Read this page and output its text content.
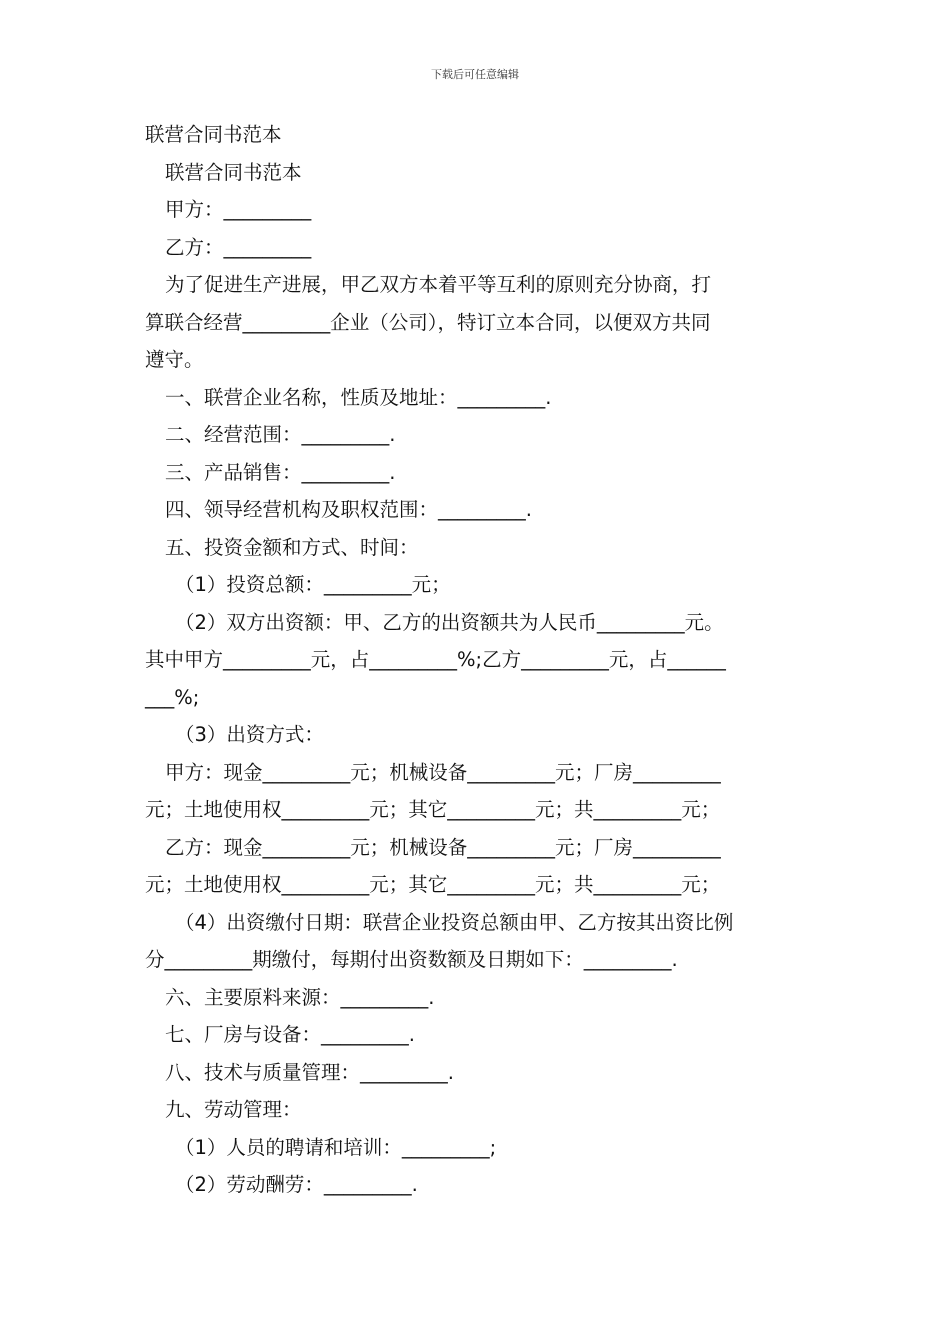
下载后可任意编辑
联营合同书范本
联营合同书范本
甲方：_________
乙方：_________
为了促进生产进展，甲乙双方本着平等互利的原则充分协商，打
算联合经营_________企业（公司），特订立本合同，以便双方共同
遵守。
一、联营企业名称，性质及地址：_________.
二、经营范围：_________.
三、产品销售：_________.
四、领导经营机构及职权范围：_________.
五、投资金额和方式、时间：
（1）投资总额：_________元；
（2）双方出资额：甲、乙方的出资额共为人民币_________元。
其中甲方_________元，占_________%;乙方_________元，占______
___%;
（3）出资方式：
甲方：现金_________元；机械设备_________元；厂房_________
元；土地使用权_________元；其它_________元；共_________元；
乙方：现金_________元；机械设备_________元；厂房_________
元；土地使用权_________元；其它_________元；共_________元；
（4）出资缴付日期：联营企业投资总额由甲、乙方按其出资比例
分_________期缴付，每期付出资数额及日期如下：_________.
六、主要原料来源：_________.
七、厂房与设备：_________.
八、技术与质量管理：_________.
九、劳动管理：
（1）人员的聘请和培训：_________;
（2）劳动酬劳：_________.
